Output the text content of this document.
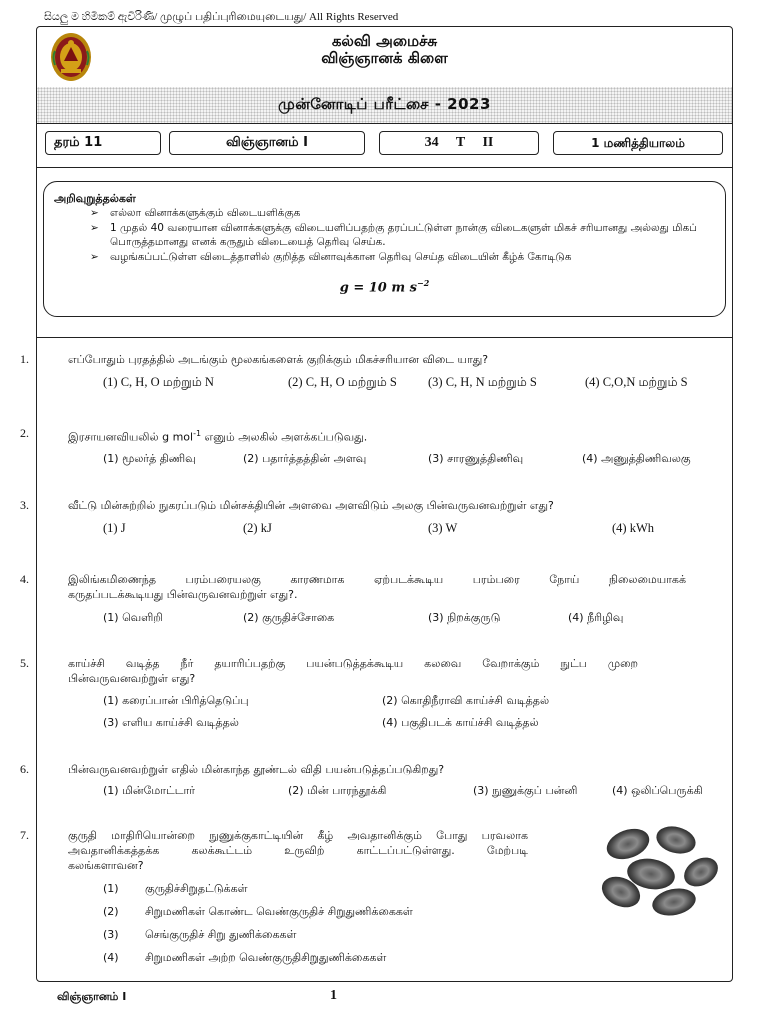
සියලු ම හිමිකම් ඇවිරිණි/ முழுப் பதிப்புரிமையுடையது/ All Rights Reserved
கல்வி அமைச்சு
விஞ்ஞானக் கிளை
முன்னோடிப் பரீட்சை - 2023
தரம் 11	விஞ்ஞானம் I	34 T II	1 மணித்தியாலம்
அறிவுறுத்தல்கள்
➢ எல்லா வினாக்களுக்கும் விடையளிக்குக
➢ 1 முதல் 40 வரையான வினாக்களுக்கு விடையளிப்பதற்கு தரப்பட்டுள்ள நான்கு விடைகளுள் மிகச் சரியானது அல்லது மிகப் பொருத்தமானது எனக் கருதும் விடையைத் தெரிவு செய்க.
➢ வழங்கப்பட்டுள்ள விடைத்தாளில் குறித்த வினாவுக்கான தெரிவு செய்த விடையின் கீழ்க் கோடிடுக
g = 10 m $s^{-2}$
1.	எப்போதும் புரதத்தில் அடங்கும் மூலகங்களைக் குறிக்கும் மிகச்சரியான விடை யாது?
(1) C, H, O மற்றும் N	(2) C, H, O மற்றும் S (3) C, H, N மற்றும் S	(4) C,O,N மற்றும் S
2.	இரசாயனவியலில் g mol$^{-1}$ எனும் அலகில் அளக்கப்படுவது.
(1) மூலர்த் திணிவு	(2) பதார்த்தத்தின் அளவு	(3) சாரணுத்திணிவு	(4) அணுத்திணிவலகு
3.	வீட்டு மின்சுற்றில் நுகரப்படும் மின்சக்தியின் அளவை அளவிடும் அலகு பின்வருவனவற்றுள் எது?
(1) J	(2) kJ	(3) W	(4) kWh
4.	இலிங்கமிணைந்த பரம்பரையலகு காரணமாக ஏற்படக்கூடிய பரம்பரை நோய் நிலைமையாகக்
கருதப்படக்கூடியது பின்வருவனவற்றுள் எது?.
(1) வெளிறி	(2) குருதிச்சோகை	(3) நிறக்குருடு	(4) நீரிழிவு
5.	காய்ச்சி வடித்த நீர் தயாரிப்பதற்கு பயன்படுத்தக்கூடிய கலவை வேறாக்கும் நுட்ப முறை
பின்வருவனவற்றுள் எது?
(1) கரைப்பான் பிரித்தெடுப்பு	(2) கொதிநீராவி காய்ச்சி வடித்தல்
(3) எளிய காய்ச்சி வடித்தல்	(4) பகுதிபடக் காய்ச்சி வடித்தல்
6.	பின்வருவனவற்றுள் எதில் மின்காந்த தூண்டல் விதி பயன்படுத்தப்படுகிறது?
(1) மின்மோட்டார்	(2) மின் பாரந்தூக்கி	(3) நுணுக்குப் பன்னி	(4) ஒலிப்பெருக்கி
7.	குருதி மாதிரியொன்றை நுணுக்குகாட்டியின் கீழ் அவதானிக்கும் போது பரவலாக
அவதானிக்கத்தக்க கலக்கூட்டம் உருவிற் காட்டப்பட்டுள்ளது. மேற்படி
கலங்களாவன?
(1) குருதிச்சிறுதட்டுக்கள்
(2) சிறுமணிகள் கொண்ட வெண்குருதிச் சிறுதுணிக்கைகள்
(3) செங்குருதிச் சிறு துணிக்கைகள்
(4) சிறுமணிகள் அற்ற வெண்குருதிசிறுதுணிக்கைகள்
விஞ்ஞானம் I	1
